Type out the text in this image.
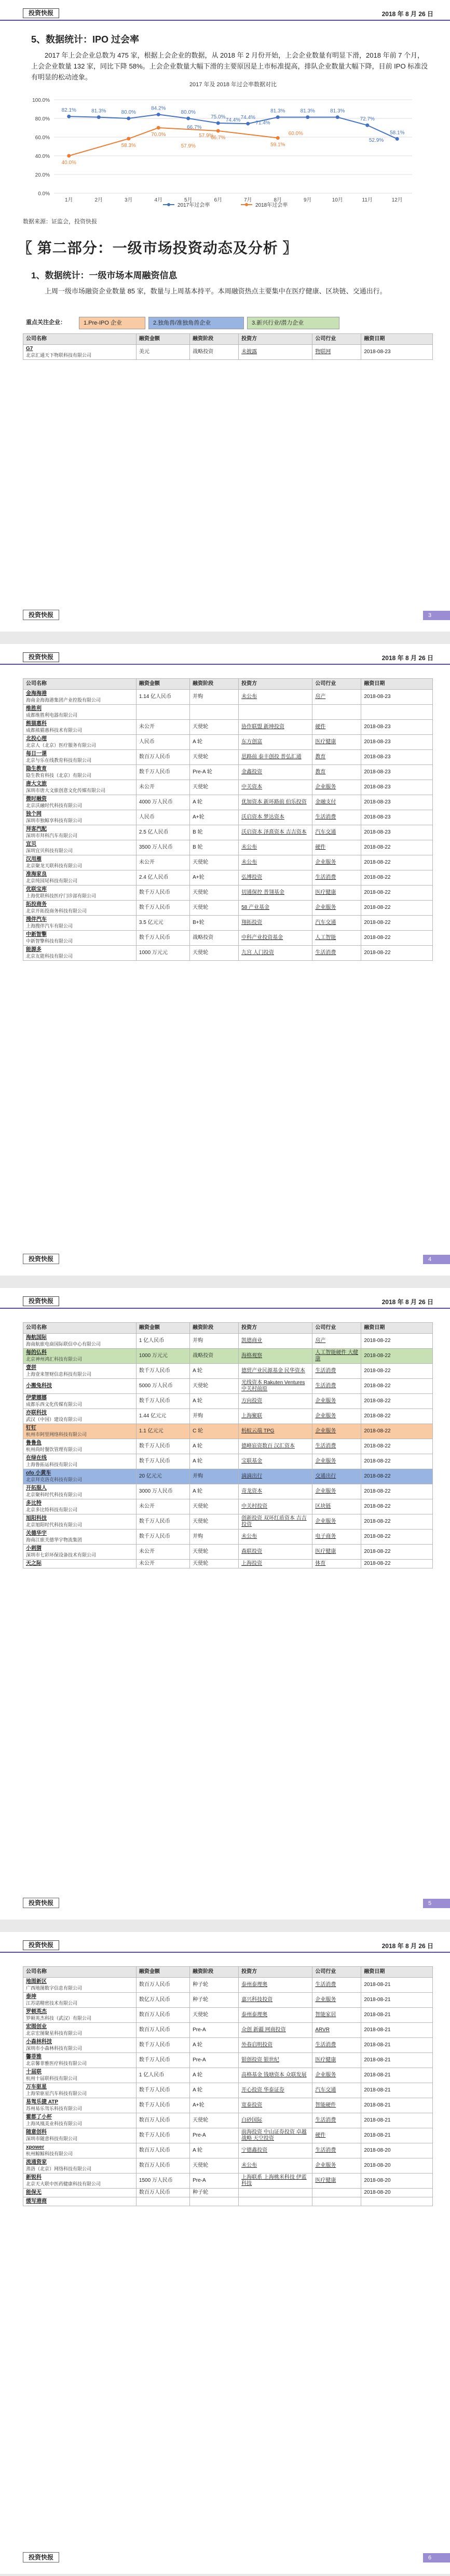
投资快报	2018 年 8 月 26 日
5、数据统计：IPO 过会率
2017 年上会企业总数为 475 家，根据上会企业的数据，从 2018 年 2 月份开始，上会企业数量有明显下滑，2018 年前 7 个月，上会企业数量 132 家，同比下降 58%。上会企业数量大幅下滑的主要原因是上市标准提高，排队企业数量大幅下降，目前 IPO 标准没有明显的松动迹象。
2017 年及 2018 年过会率数据对比
0.0%
20.0%
40.0%
60.0%
80.0%
100.0%
1月	2月	3月	4月	5月	6月	7月	8月	9月	10月	11月	12月
82.1%	81.3%	80.0%
84.2%
80.0%
75.0%	74.4%
81.3%	81.3%	81.3%
72.7%
58.1%
40.0%
58.3%
70.0%
57.9%
66.7%
59.1%
74.4%	71.4%
60.0%
66.7%
52.9%
57.9%
2017年过会率	2018年过会率
数据来源：证监会，投资快报
〖 第二部分：一级市场投资动态及分析 〗
1、数据统计：一级市场本周融资信息
上周一级市场融资企业数量 85 家，数量与上周基本持平。本周融资热点主要集中在医疗健康、区块链、交通出行。
重点关注企业：	1.Pre-IPO 企业	2.独角兽/准独角兽企业	3.新兴行业/潜力企业
公司名称	融资金额	融资阶段	投资方	公司行业	融资日期

G7
北京汇通天下物联科技有限公司	美元	战略投资	未披露	物联网	2018-08-23
投资快报	3
投资快报	2018 年 8 月 26 日
公司名称	融资金额	融资阶段	投资方	公司行业	融资日期

金海海港
海南金海海港集团产业控股有限公司	1.14 亿人民币	并购	未公布	房产	2018-08-23

维胜利
成都维胜利电器有限公司					

熊猫惠科
成都熊猫惠科技术有限公司	未公开	天使轮	协作联盟 新坤投资	硬件	2018-08-23

北投心理
北京人（北京）医疗服务有限公司	人民币	A 轮	东方创富	医疗健康	2018-08-23

每日一课
北京与乐在线教育科技有限公司	数百万人民币	天使轮	思路前 泰丰创投 普弘汇通	教育	2018-08-23

隐生教育
隐生教育科技（北京）有限公司	数千万人民币	Pre-A 轮	金鑫投资	教育	2018-08-23

唐大文旅
深圳市唐大文旅创意文化传媒有限公司	未公开	天使轮	中关资本	企业服务	2018-08-23

微时融资
北京沃融时代科技有限公司	4000 万人民币	A 轮	优加资本 新环路前 伯乐投资	金融支付	2018-08-23

独个网
深圳市独鲸享科技有限公司	人民币	A+轮	沃启资本 梦达资本	生活消费	2018-08-23

拜客汽配
深圳市拜科汽车有限公司	2.5 亿人民币	B 轮	沃启资本 泽熹资本 吉吉资本	汽车交通	2018-08-23

宜贝
深圳宜贝科技有限公司	3500 万人民币	B 轮	未公布	硬件	2018-08-22

汉用雁
北京聚龙天联科技有限公司	未公开	天使轮	未公布	企业服务	2018-08-22

准海家良
北京纯园尾科技有限公司	2.4 亿人民币	A+轮	弘博投资	生活消费	2018-08-22

优联宝库
上海优联科技医疗门诊部有限公司	数千万人民币	天使轮	切通保控 普翎基金	医疗健康	2018-08-22

拓投商务
北京开拓投商务科技有限公司	数千万人民币	天使轮	58 产业基金	企业服务	2018-08-22

搜伴汽车
上海搜伴汽车有限公司	3.5 亿元元	B+轮	翔拓投资	汽车交通	2018-08-22

中新智擎
中新智擎科技有限公司	数千万人民币	战略投资	中科产业投资基金	人工智能	2018-08-22

能源多
北京友能科技有限公司	1000 万元元	天使轮	九宫 人门投资	生活消费	2018-08-22
投资快报	4
投资快报	2018 年 8 月 26 日
公司名称	融资金额	融资阶段	投资方	公司行业	融资日期

海航国际
海南航旅电商国际联信中心有限公司	1 亿人民币	并购	凯德商业	房产	2018-08-22

每的仏科
北京神州鸿汇科技有限公司	1000 万元元	战略投资	海格观察	人工智能硬件 大健康	2018-08-22

壹拼
上海壹来智财信息科技有限公司	数千万人民币	A 轮	德贸产业民源基金 民华资本	生活消费	2018-08-22

小搬兔科技	5000 万人民币	天使轮	光线资本 Rakuten Ventures 中关村前原	生活消费	2018-08-22

伊蒙娜娜
成都乐西文化传媒有限公司	数千万人民币	A 轮	方向投资	企业服务	2018-08-22

亦联科技
武汉（中国）建设有限公司	1.44 亿元元	并购	上海聚联	企业服务	2018-08-22

钉钉
杭州市阿里网络科技有限公司	1.1 亿元元	C 轮	蚂蚁云端 TPG	企业服务	2018-08-22

鲁鲁鱼
杭州尚时餐饮管理有限公司	数千万人民币	A 轮	德峰宸资数百 汉汇资本	生活消费	2018-08-22

在绿在线
上海鲁拓运科技有限公司	数千万人民币	A 轮	宝联基金	企业服务	2018-08-22

ofo 小黄车
北京拜克洛克科技有限公司	20 亿元元	并购	滴滴出行	交通出行	2018-08-22

开拓服人
北京聚科时代科技有限公司	3000 万人民币	A 轮	奇龙资本	企业服务	2018-08-22

多比特
北京多比特科技有限公司	未公开	天使轮	中关村投资	区块链	2018-08-22

旭阳科技
北京旭阳时代科技有限公司	数千万人民币	天使轮	创新投资 双环红盾资本 吉吉投资	企业服务	2018-08-22

关德华宇
海南江旅关德华宇物流集团	数千万人民币	并购	未公布	电子商务	2018-08-22

小刺猬
深圳市七彩环保设备技术有限公司	未公开	天使轮	森联投资	医疗健康	2018-08-22

天之际	未公开	天使轮	上海投资	体育	2018-08-22
投资快报	5
投资快报	2018 年 8 月 26 日
公司名称	融资金额	融资阶段	投资方	公司行业	融资日期

地图新区
广西地图数字信息有限公司	数百万人民币	种子轮	泰州泰理奥	生活消费	2018-08-21

泰坤
江苏诺精密技术有限公司	数亿万人民币	种子轮	嘉兴科技投资	企业服务	2018-08-21

罗顿英杰
罗顿英杰科技（武汉）有限公司	数百万人民币	天使轮	泰州泰理奥	智能家居	2018-08-21

宏图创业
北京宏图聚星科技有限公司	数百万人民币	Pre-A	众创 新疆 网商投资	ARVR	2018-08-21

小森林科技
深圳市小森林科技有限公司	数千万人民币	A 轮	外春启明投资	生活消费	2018-08-21

馨菲雅
北京馨菲雅医疗科技有限公司	数千万人民币	Pre-A	银创投资 银世纪	医疗健康	2018-08-21

十届联
杭州十届联科技有限公司	1 亿人民币	A 轮	高格基金 钱塘资本 众联发展	企业服务	2018-08-21

万车驱星
上海荣驱星汽车科技有限公司	数千万人民币	A 轮	开心投资 华泰证券	汽车交通	2018-08-21

易驾乐捷 ATP
苏州易乐驾乐科技有限公司	数千万人民币	A+轮	宽泰投资	智能硬件	2018-08-21

霍都了小杯
上海凤凰美业科技有限公司	数百万人民币	天使轮	白砂国际	生活消费	2018-08-21

随意创科
深圳市随意科技有限公司	数千万人民币	Pre-A	前海投资 中山证券投资 卓越战略 天空投资	硬件	2018-08-21

xpower
杭州鲸鲸科技有限公司	数百万人民币	A 轮	宁德鑫投资	生活消费	2018-08-20

流通资家
蒸洛（北京）网络科技有限公司	数百万人民币	天使轮	未公布	企业服务	2018-08-20

新锐科
北京天大联中医药健康科技有限公司	1500 万人民币	Pre-A	上海联系 上海桃米科技 伊蓝科技	医疗健康	2018-08-20

能保无	数百万人民币	种子轮			2018-08-20

缓写港商					

投资快报	6
